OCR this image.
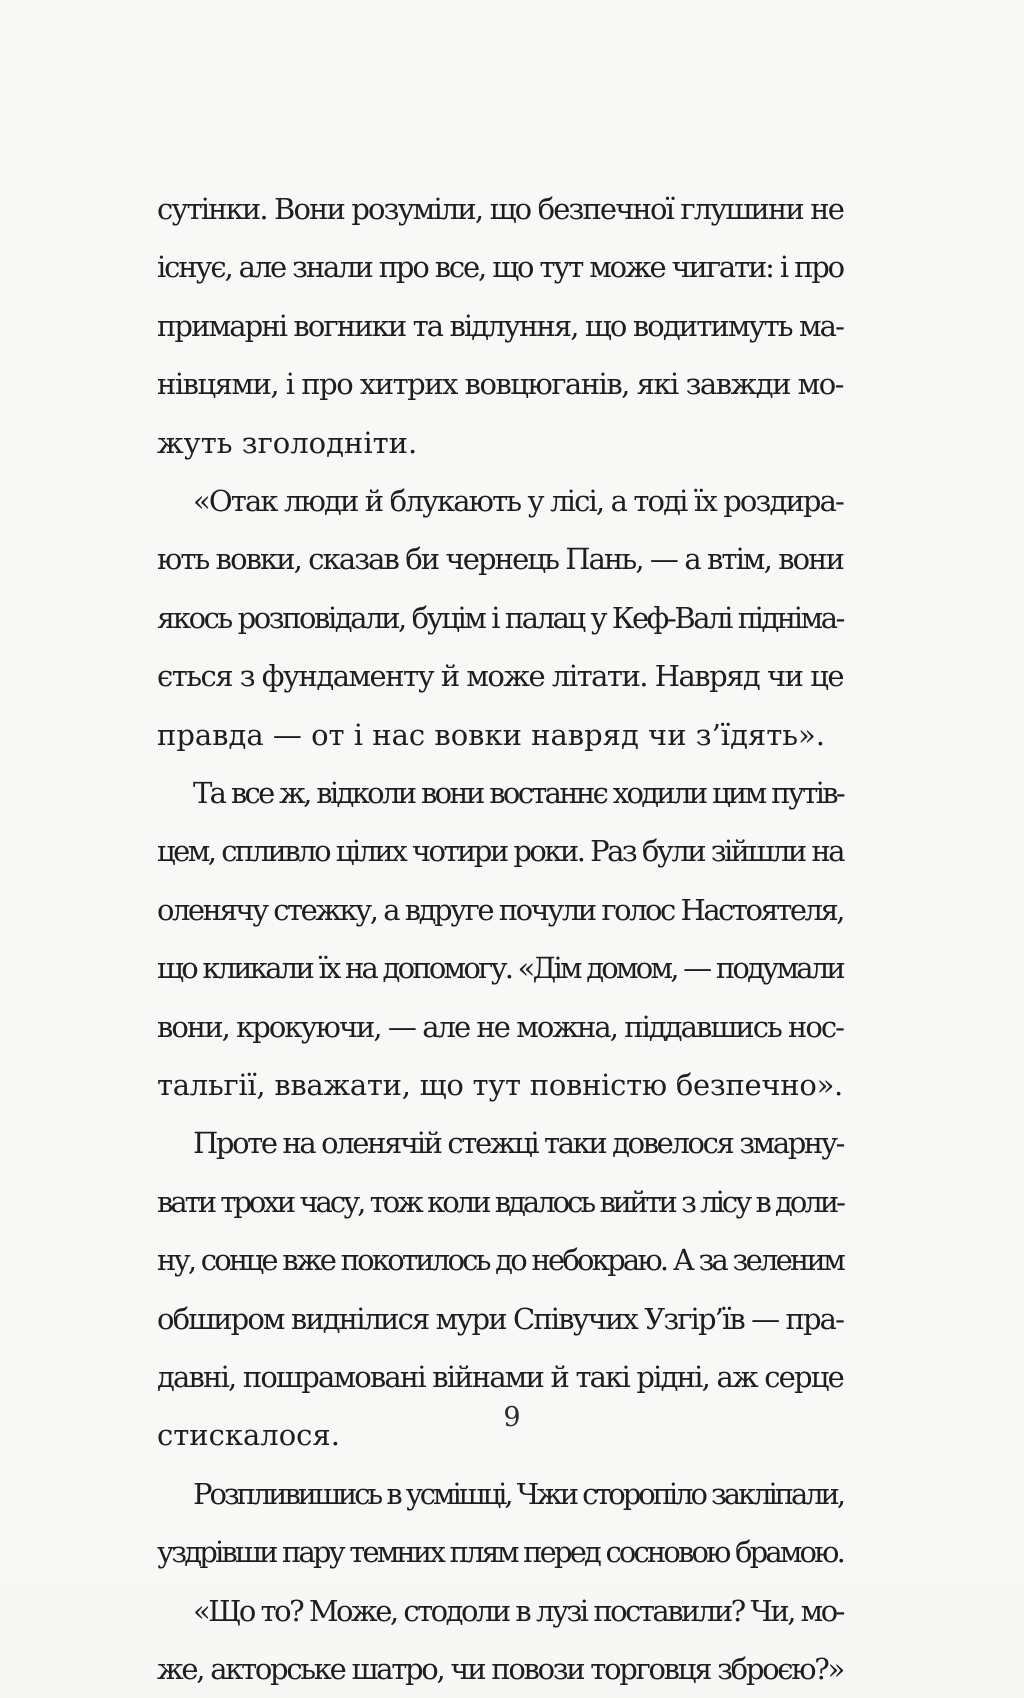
сутінки. Вони розуміли, що безпечної глушини не
існує, але знали про все, що тут може чигати: і про
примарні вогники та відлуння, що водитимуть ма-
нівцями, і про хитрих вовцюганів, які завжди мо-
жуть зголодніти.
«Отак люди й блукають у лісі, а тоді їх роздира-
ють вовки, сказав би чернець Пань, — а втім, вони
якось розповідали, буцім і палац у Кеф-Валі підніма-
ється з фундаменту й може літати. Навряд чи це
правда — от і нас вовки навряд чи з’їдять».
Та все ж, відколи вони востаннє ходили цим путів-
цем, спливло цілих чотири роки. Раз були зійшли на
оленячу стежку, а вдруге почули голос Настоятеля,
що кликали їх на допомогу. «Дім домом, — подумали
вони, крокуючи, — але не можна, піддавшись нос-
тальгії, вважати, що тут повністю безпечно».
Проте на оленячій стежці таки довелося змарну-
вати трохи часу, тож коли вдалось вийти з лісу в доли-
ну, сонце вже покотилось до небокраю. А за зеленим
обширом виднілися мури Співучих Узгір’їв — пра-
давні, пошрамовані війнами й такі рідні, аж серце
стискалося.
Розпливишись в усмішці, Чжи сторопіло закліпали,
уздрівши пару темних плям перед сосновою брамою.
«Що то? Може, стодоли в лузі поставили? Чи, мо-
же, акторське шатро, чи повози торговця зброєю?»
9
